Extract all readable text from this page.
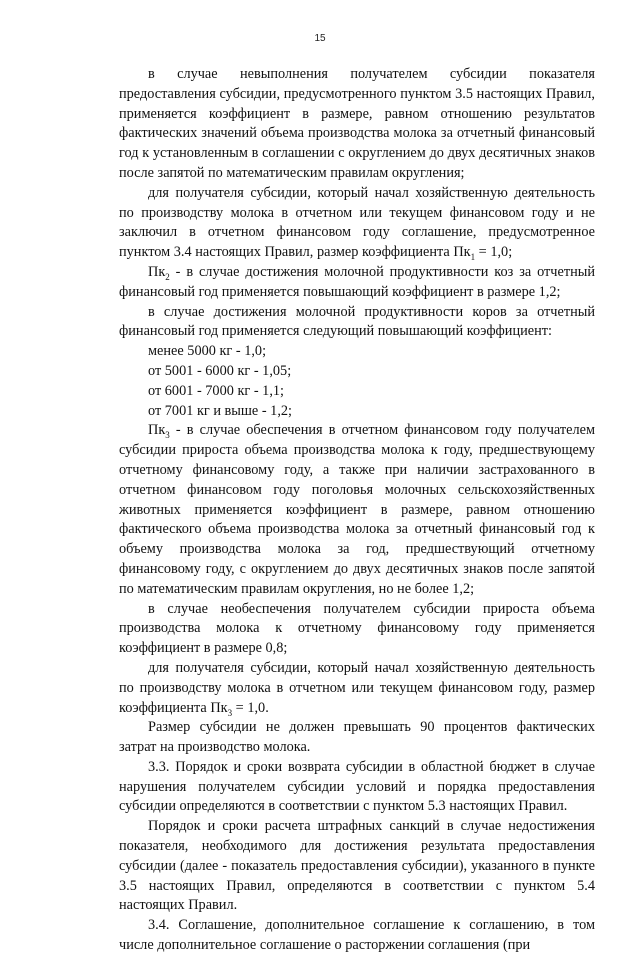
15

в случае невыполнения получателем субсидии показателя предоставления субсидии, предусмотренного пунктом 3.5 настоящих Правил, применяется коэффициент в размере, равном отношению результатов фактических значений объема производства молока за отчетный финансовый год к установленным в соглашении с округлением до двух десятичных знаков после запятой по математическим правилам округления;

для получателя субсидии, который начал хозяйственную деятельность по производству молока в отчетном или текущем финансовом году и не заключил в отчетном финансовом году соглашение, предусмотренное пунктом 3.4 настоящих Правил, размер коэффициента $Пк_1 = 1,0$;

$Пк_2$ - в случае достижения молочной продуктивности коз за отчетный финансовый год применяется повышающий коэффициент в размере 1,2;

в случае достижения молочной продуктивности коров за отчетный финансовый год применяется следующий повышающий коэффициент:

менее 5000 кг - 1,0;

от 5001 - 6000 кг - 1,05;

от 6001 - 7000 кг - 1,1;

от 7001 кг и выше - 1,2;

$Пк_3$ - в случае обеспечения в отчетном финансовом году получателем субсидии прироста объема производства молока к году, предшествующему отчетному финансовому году, а также при наличии застрахованного в отчетном финансовом году поголовья молочных сельскохозяйственных животных применяется коэффициент в размере, равном отношению фактического объема производства молока за отчетный финансовый год к объему производства молока за год, предшествующий отчетному финансовому году, с округлением до двух десятичных знаков после запятой по математическим правилам округления, но не более 1,2;

в случае необеспечения получателем субсидии прироста объема производства молока к отчетному финансовому году применяется коэффициент в размере 0,8;

для получателя субсидии, который начал хозяйственную деятельность по производству молока в отчетном или текущем финансовом году, размер коэффициента $Пк_3 = 1,0$.

Размер субсидии не должен превышать 90 процентов фактических затрат на производство молока.

3.3. Порядок и сроки возврата субсидии в областной бюджет в случае нарушения получателем субсидии условий и порядка предоставления субсидии определяются в соответствии с пунктом 5.3 настоящих Правил.

Порядок и сроки расчета штрафных санкций в случае недостижения показателя, необходимого для достижения результата предоставления субсидии (далее - показатель предоставления субсидии), указанного в пункте 3.5 настоящих Правил, определяются в соответствии с пунктом 5.4 настоящих Правил.

3.4. Соглашение, дополнительное соглашение к соглашению, в том числе дополнительное соглашение о расторжении соглашения (при
